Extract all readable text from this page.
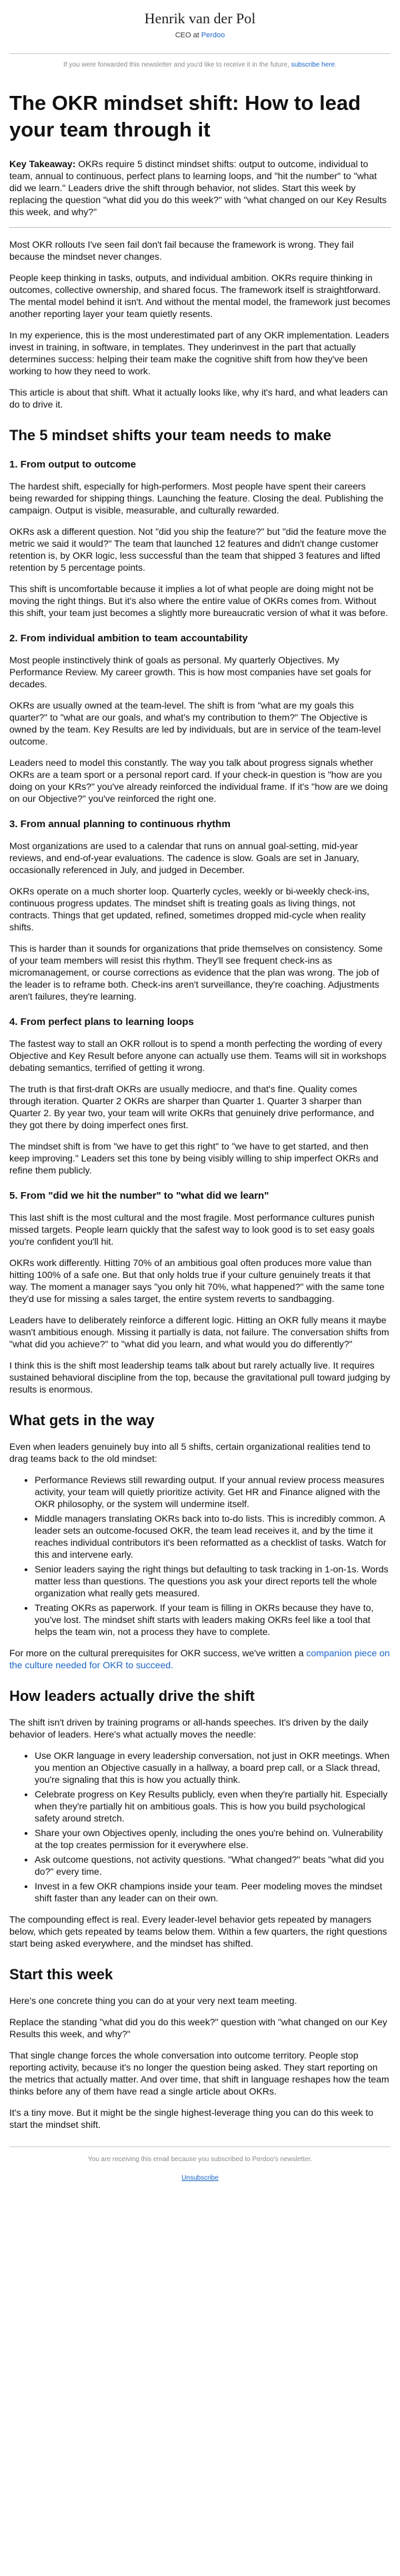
Henrik van der Pol
CEO at Perdoo

If you were forwarded this newsletter and you'd like to receive it in the future, subscribe here.

The OKR mindset shift: How to lead your team through it

Key Takeaway: OKRs require 5 distinct mindset shifts: output to outcome, individual to team, annual to continuous, perfect plans to learning loops, and "hit the number" to "what did we learn." Leaders drive the shift through behavior, not slides. Start this week by replacing the question "what did you do this week?" with "what changed on our Key Results this week, and why?"

Most OKR rollouts I've seen fail don't fail because the framework is wrong. They fail because the mindset never changes.

People keep thinking in tasks, outputs, and individual ambition. OKRs require thinking in outcomes, collective ownership, and shared focus. The framework itself is straightforward. The mental model behind it isn't. And without the mental model, the framework just becomes another reporting layer your team quietly resents.

In my experience, this is the most underestimated part of any OKR implementation. Leaders invest in training, in software, in templates. They underinvest in the part that actually determines success: helping their team make the cognitive shift from how they've been working to how they need to work.

This article is about that shift. What it actually looks like, why it's hard, and what leaders can do to drive it.

The 5 mindset shifts your team needs to make
1. From output to outcome

The hardest shift, especially for high-performers. Most people have spent their careers being rewarded for shipping things. Launching the feature. Closing the deal. Publishing the campaign. Output is visible, measurable, and culturally rewarded.

OKRs ask a different question. Not "did you ship the feature?" but "did the feature move the metric we said it would?" The team that launched 12 features and didn't change customer retention is, by OKR logic, less successful than the team that shipped 3 features and lifted retention by 5 percentage points.

This shift is uncomfortable because it implies a lot of what people are doing might not be moving the right things. But it's also where the entire value of OKRs comes from. Without this shift, your team just becomes a slightly more bureaucratic version of what it was before.

2. From individual ambition to team accountability

Most people instinctively think of goals as personal. My quarterly Objectives. My Performance Review. My career growth. This is how most companies have set goals for decades.

OKRs are usually owned at the team-level. The shift is from "what are my goals this quarter?" to "what are our goals, and what's my contribution to them?" The Objective is owned by the team. Key Results are led by individuals, but are in service of the team-level outcome.

Leaders need to model this constantly. The way you talk about progress signals whether OKRs are a team sport or a personal report card. If your check-in question is "how are you doing on your KRs?" you've already reinforced the individual frame. If it's "how are we doing on our Objective?" you've reinforced the right one.

3. From annual planning to continuous rhythm

Most organizations are used to a calendar that runs on annual goal-setting, mid-year reviews, and end-of-year evaluations. The cadence is slow. Goals are set in January, occasionally referenced in July, and judged in December.

OKRs operate on a much shorter loop. Quarterly cycles, weekly or bi-weekly check-ins, continuous progress updates. The mindset shift is treating goals as living things, not contracts. Things that get updated, refined, sometimes dropped mid-cycle when reality shifts.

This is harder than it sounds for organizations that pride themselves on consistency. Some of your team members will resist this rhythm. They'll see frequent check-ins as micromanagement, or course corrections as evidence that the plan was wrong. The job of the leader is to reframe both. Check-ins aren't surveillance, they're coaching. Adjustments aren't failures, they're learning.

4. From perfect plans to learning loops

The fastest way to stall an OKR rollout is to spend a month perfecting the wording of every Objective and Key Result before anyone can actually use them. Teams will sit in workshops debating semantics, terrified of getting it wrong.

The truth is that first-draft OKRs are usually mediocre, and that's fine. Quality comes through iteration. Quarter 2 OKRs are sharper than Quarter 1. Quarter 3 sharper than Quarter 2. By year two, your team will write OKRs that genuinely drive performance, and they got there by doing imperfect ones first.

The mindset shift is from "we have to get this right" to "we have to get started, and then keep improving." Leaders set this tone by being visibly willing to ship imperfect OKRs and refine them publicly.

5. From "did we hit the number" to "what did we learn"

This last shift is the most cultural and the most fragile. Most performance cultures punish missed targets. People learn quickly that the safest way to look good is to set easy goals you're confident you'll hit.

OKRs work differently. Hitting 70% of an ambitious goal often produces more value than hitting 100% of a safe one. But that only holds true if your culture genuinely treats it that way. The moment a manager says "you only hit 70%, what happened?" with the same tone they'd use for missing a sales target, the entire system reverts to sandbagging.

Leaders have to deliberately reinforce a different logic. Hitting an OKR fully means it maybe wasn't ambitious enough. Missing it partially is data, not failure. The conversation shifts from "what did you achieve?" to "what did you learn, and what would you do differently?"

I think this is the shift most leadership teams talk about but rarely actually live. It requires sustained behavioral discipline from the top, because the gravitational pull toward judging by results is enormous.

What gets in the way

Even when leaders genuinely buy into all 5 shifts, certain organizational realities tend to drag teams back to the old mindset:

• Performance Reviews still rewarding output. If your annual review process measures activity, your team will quietly prioritize activity. Get HR and Finance aligned with the OKR philosophy, or the system will undermine itself.
• Middle managers translating OKRs back into to-do lists. This is incredibly common. A leader sets an outcome-focused OKR, the team lead receives it, and by the time it reaches individual contributors it's been reformatted as a checklist of tasks. Watch for this and intervene early.
• Senior leaders saying the right things but defaulting to task tracking in 1-on-1s. Words matter less than questions. The questions you ask your direct reports tell the whole organization what really gets measured.
• Treating OKRs as paperwork. If your team is filling in OKRs because they have to, you've lost. The mindset shift starts with leaders making OKRs feel like a tool that helps the team win, not a process they have to complete.

For more on the cultural prerequisites for OKR success, we've written a companion piece on the culture needed for OKR to succeed.

How leaders actually drive the shift

The shift isn't driven by training programs or all-hands speeches. It's driven by the daily behavior of leaders. Here's what actually moves the needle:

• Use OKR language in every leadership conversation, not just in OKR meetings. When you mention an Objective casually in a hallway, a board prep call, or a Slack thread, you're signaling that this is how you actually think.
• Celebrate progress on Key Results publicly, even when they're partially hit. Especially when they're partially hit on ambitious goals. This is how you build psychological safety around stretch.
• Share your own Objectives openly, including the ones you're behind on. Vulnerability at the top creates permission for it everywhere else.
• Ask outcome questions, not activity questions. "What changed?" beats "what did you do?" every time.
• Invest in a few OKR champions inside your team. Peer modeling moves the mindset shift faster than any leader can on their own.

The compounding effect is real. Every leader-level behavior gets repeated by managers below, which gets repeated by teams below them. Within a few quarters, the right questions start being asked everywhere, and the mindset has shifted.

Start this week

Here's one concrete thing you can do at your very next team meeting.

Replace the standing "what did you do this week?" question with "what changed on our Key Results this week, and why?"

That single change forces the whole conversation into outcome territory. People stop reporting activity, because it's no longer the question being asked. They start reporting on the metrics that actually matter. And over time, that shift in language reshapes how the team thinks before any of them have read a single article about OKRs.

It's a tiny move. But it might be the single highest-leverage thing you can do this week to start the mindset shift.

You are receiving this email because you subscribed to Perdoo's newsletter.

Unsubscribe
